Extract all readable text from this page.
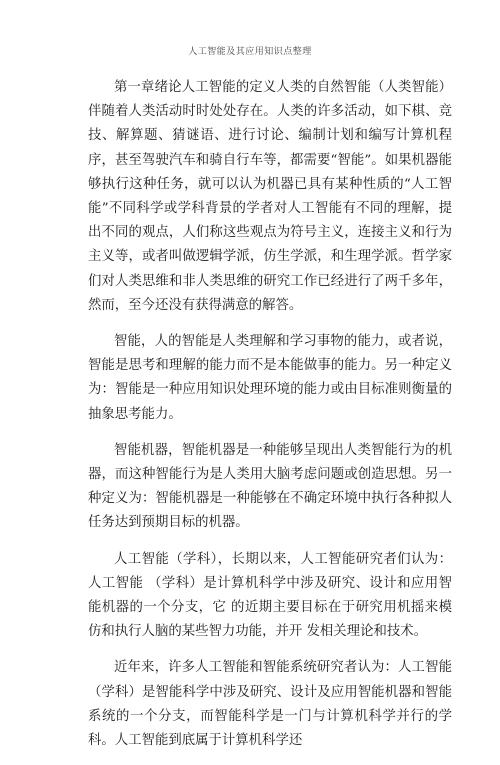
人工智能及其应用知识点整理

第一章绪论人工智能的定义人类的自然智能（人类智能）伴随着人类活动时时处处存在。人类的许多活动，如下棋、竞技、解算题、猜谜语、进行讨论、编制计划和编写计算机程序，甚至驾驶汽车和骑自行车等，都需要“智能”。如果机器能够执行这种任务，就可以认为机器已具有某种性质的“人工智能”不同科学或学科背景的学者对人工智能有不同的理解，提出不同的观点，人们称这些观点为符号主义，连接主义和行为主义等，或者叫做逻辑学派，仿生学派，和生理学派。哲学家们对人类思维和非人类思维的研究工作已经进行了两千多年，然而，至今还没有获得满意的解答。

智能，人的智能是人类理解和学习事物的能力，或者说，智能是思考和理解的能力而不是本能做事的能力。另一种定义为：智能是一种应用知识处理环境的能力或由目标准则衡量的抽象思考能力。

智能机器，智能机器是一种能够呈现出人类智能行为的机器，而这种智能行为是人类用大脑考虑问题或创造思想。另一种定义为：智能机器是一种能够在不确定环境中执行各种拟人任务达到预期目标的机器。

人工智能（学科），长期以来，人工智能研究者们认为：人工智能 （学科）是计算机科学中涉及研究、设计和应用智能机器的一个分支，它 的近期主要目标在于研究用机摇来模仿和执行人脑的某些智力功能，并开 发相关理论和技术。

近年来，许多人工智能和智能系统研究者认为：人工智能（学科）是智能科学中涉及研究、设计及应用智能机器和智能系统的一个分支，而智能科学是一门与计算机科学并行的学科。人工智能到底属于计算机科学还
